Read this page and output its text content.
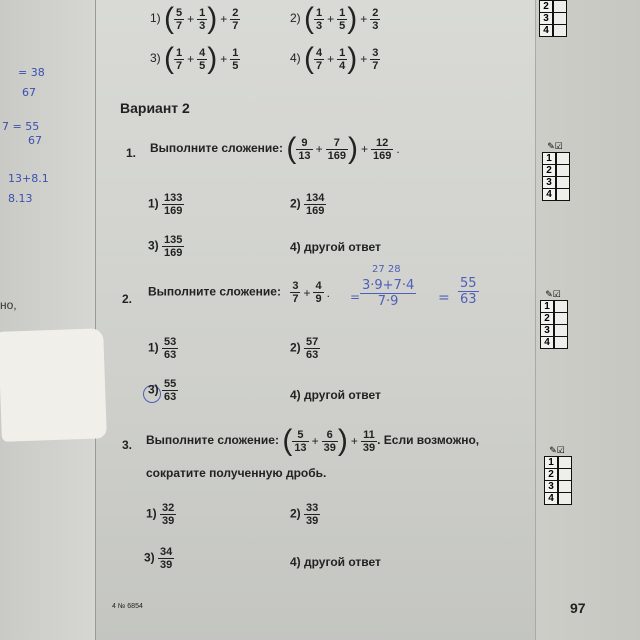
= 38
67
7 = 55
67
13+8.1
8.13
но,
1) ( $\frac{5}{7} + \frac{1}{3}$ ) + $\frac{2}{7}$	2) ( $\frac{1}{3} + \frac{1}{5}$ ) + $\frac{2}{3}$
3) ( $\frac{1}{7} + \frac{4}{5}$ ) + $\frac{1}{5}$	4) ( $\frac{4}{7} + \frac{1}{4}$ ) + $\frac{3}{7}$
Вариант 2
1. Выполните сложение: ( $\frac{9}{13} + \frac{7}{169}$ ) + $\frac{12}{169}$ .
$1) \frac{133}{169}$	$2) \frac{134}{169}$
$3) \frac{135}{169}$	4) другой ответ
2.
Выполните сложение: $\frac{3}{7} + \frac{4}{9}$ .
27 28
=
3·9+7·4
7·9	=
55
63
$1) \frac{53}{63}$	$2) \frac{57}{63}$
$3) \frac{55}{63}$	4) другой ответ
3. Выполните сложение: ( $\frac{5}{13} + \frac{6}{39}$ ) + $\frac{11}{39}$ . Если возможно,
сократите полученную дробь.
$1) \frac{32}{39}$	$2) \frac{33}{39}$
$3) \frac{34}{39}$	4) другой ответ
2
3
4
✎☑
1
2
3
4
✎☑
1
2
3
4
✎☑
1
2
3
4
4 № 6854	97
